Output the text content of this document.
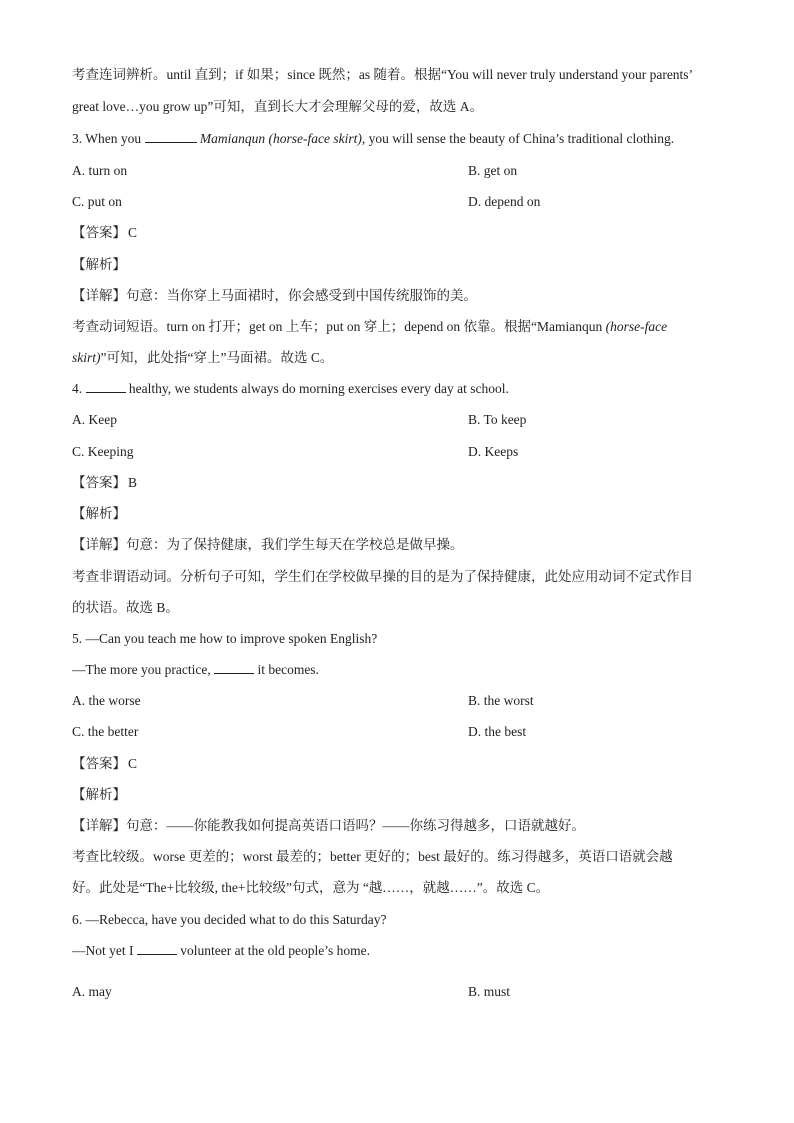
考查连词辨析。until 直到；if 如果；since 既然；as 随着。根据“You will never truly understand your parents’
great love…you grow up”可知，直到长大才会理解父母的爱，故选 A。
3. When you	Mamianqun (horse-face skirt), you will sense the beauty of China’s traditional clothing.
A. turn on	B. get on
C. put on	D. depend on
【答案】 C
【解析】
【详解】句意：当你穿上马面裙时，你会感受到中国传统服饰的美。
考查动词短语。turn on 打开；get on 上车；put on 穿上；depend on 依靠。根据“Mamianqun (horse-face
skirt)”可知，此处指“穿上”马面裙。故选 C。
4.	healthy, we students always do morning exercises every day at school.
A. Keep	B. To keep
C. Keeping	D. Keeps
【答案】 B
【解析】
【详解】句意：为了保持健康，我们学生每天在学校总是做早操。
考查非谓语动词。分析句子可知，学生们在学校做早操的目的是为了保持健康，此处应用动词不定式作目
的状语。故选 B。
5. —Can you teach me how to improve spoken English?
—The more you practice,	it becomes.
A. the worse	B. the worst
C. the better	D. the best
【答案】 C
【解析】
【详解】句意：——你能教我如何提高英语口语吗？——你练习得越多，口语就越好。
考查比较级。worse 更差的；worst 最差的；better 更好的；best 最好的。练习得越多，英语口语就会越
好。此处是“The+比较级, the+比较级”句式，意为 “越……，就越……”。故选 C。
6. —Rebecca, have you decided what to do this Saturday?
—Not yet I	volunteer at the old people’s home.
A. may	B. must
